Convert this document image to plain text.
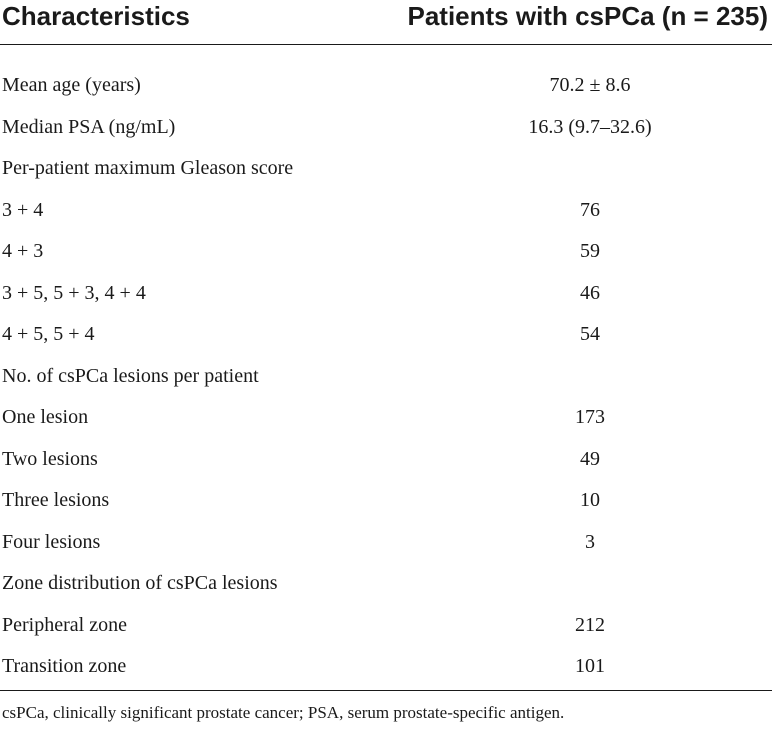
Characteristics	Patients with csPCa (n = 235)
Mean age (years)	70.2 ± 8.6
Median PSA (ng/mL)	16.3 (9.7–32.6)
Per-patient maximum Gleason score
3 + 4	76
4 + 3	59
3 + 5, 5 + 3, 4 + 4	46
4 + 5, 5 + 4	54
No. of csPCa lesions per patient
One lesion	173
Two lesions	49
Three lesions	10
Four lesions	3
Zone distribution of csPCa lesions
Peripheral zone	212
Transition zone	101
csPCa, clinically significant prostate cancer; PSA, serum prostate-specific antigen.
